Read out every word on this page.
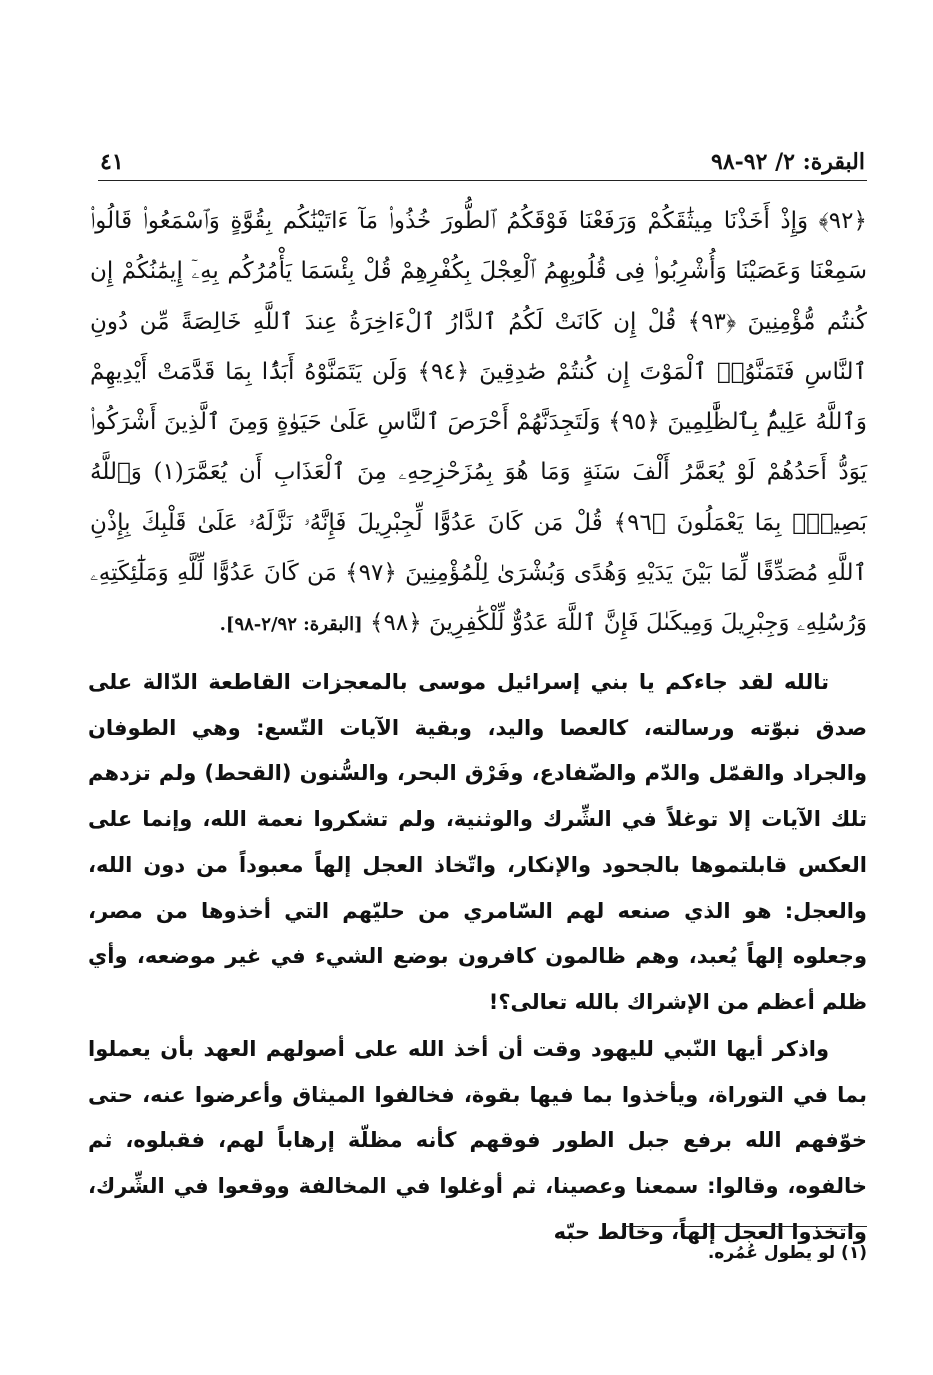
البقرة: ٢/ ٩٢-٩٨
٤١
﴿٩٢﴾ وَإِذْ أَخَذْنَا مِيثَٰقَكُمْ وَرَفَعْنَا فَوْقَكُمُ ٱلطُّورَ خُذُوا۟ مَآ ءَاتَيْنَٰكُم بِقُوَّةٍ وَٱسْمَعُوا۟ قَالُوا۟ سَمِعْنَا وَعَصَيْنَا وَأُشْرِبُوا۟ فِى قُلُوبِهِمُ ٱلْعِجْلَ بِكُفْرِهِمْ قُلْ بِئْسَمَا يَأْمُرُكُم بِهِۦٓ إِيمَٰنُكُمْ إِن كُنتُم مُّؤْمِنِينَ ﴿٩٣﴾ قُلْ إِن كَانَتْ لَكُمُ ٱلدَّارُ ٱلْءَاخِرَةُ عِندَ ٱللَّهِ خَالِصَةً مِّن دُونِ ٱلنَّاسِ فَتَمَنَّوُا۟ ٱلْمَوْتَ إِن كُنتُمْ صَٰدِقِينَ ﴿٩٤﴾ وَلَن يَتَمَنَّوْهُ أَبَدًۢا بِمَا قَدَّمَتْ أَيْدِيهِمْ وَٱللَّهُ عَلِيمٌۢ بِٱلظَّٰلِمِينَ ﴿٩٥﴾ وَلَتَجِدَنَّهُمْ أَحْرَصَ ٱلنَّاسِ عَلَىٰ حَيَوٰةٍ وَمِنَ ٱلَّذِينَ أَشْرَكُوا۟ يَوَدُّ أَحَدُهُمْ لَوْ يُعَمَّرُ أَلْفَ سَنَةٍ وَمَا هُوَ بِمُزَحْزِحِهِۦ مِنَ ٱلْعَذَابِ أَن يُعَمَّرَ(١) وَٱللَّهُ بَصِيرٌۢ بِمَا يَعْمَلُونَ ﴿٩٦﴾ قُلْ مَن كَانَ عَدُوًّا لِّجِبْرِيلَ فَإِنَّهُۥ نَزَّلَهُۥ عَلَىٰ قَلْبِكَ بِإِذْنِ ٱللَّهِ مُصَدِّقًا لِّمَا بَيْنَ يَدَيْهِ وَهُدًى وَبُشْرَىٰ لِلْمُؤْمِنِينَ ﴿٩٧﴾ مَن كَانَ عَدُوًّا لِّلَّهِ وَمَلَٰٓئِكَتِهِۦ وَرُسُلِهِۦ وَجِبْرِيلَ وَمِيكَىٰلَ فَإِنَّ ٱللَّهَ عَدُوٌّ لِّلْكَٰفِرِينَ ﴿٩٨﴾ [البقرة: ٢/٩٢-٩٨].

تالله لقد جاءكم يا بني إسرائيل موسى بالمعجزات القاطعة الدّالة على صدق نبوّته ورسالته، كالعصا واليد، وبقية الآيات التّسع: وهي الطوفان والجراد والقمّل والدّم والضّفادع، وفَرْق البحر، والسُّنون (القحط) ولم تزدهم تلك الآيات إلا توغلاً في الشِّرك والوثنية، ولم تشكروا نعمة الله، وإنما على العكس قابلتموها بالجحود والإنكار، واتّخاذ العجل إلهاً معبوداً من دون الله، والعجل: هو الذي صنعه لهم السّامري من حليّهم التي أخذوها من مصر، وجعلوه إلهاً يُعبد، وهم ظالمون كافرون بوضع الشيء في غير موضعه، وأي ظلم أعظم من الإشراك بالله تعالى؟!

واذكر أيها النّبي لليهود وقت أن أخذ الله على أصولهم العهد بأن يعملوا بما في التوراة، ويأخذوا بما فيها بقوة، فخالفوا الميثاق وأعرضوا عنه، حتى خوّفهم الله برفع جبل الطور فوقهم كأنه مظلّة إرهاباً لهم، فقبلوه، ثم خالفوه، وقالوا: سمعنا وعصينا، ثم أوغلوا في المخالفة ووقعوا في الشِّرك، واتخذوا العجل إلهاً، وخالط حبّه

(١) لو يطول عُمُره.
